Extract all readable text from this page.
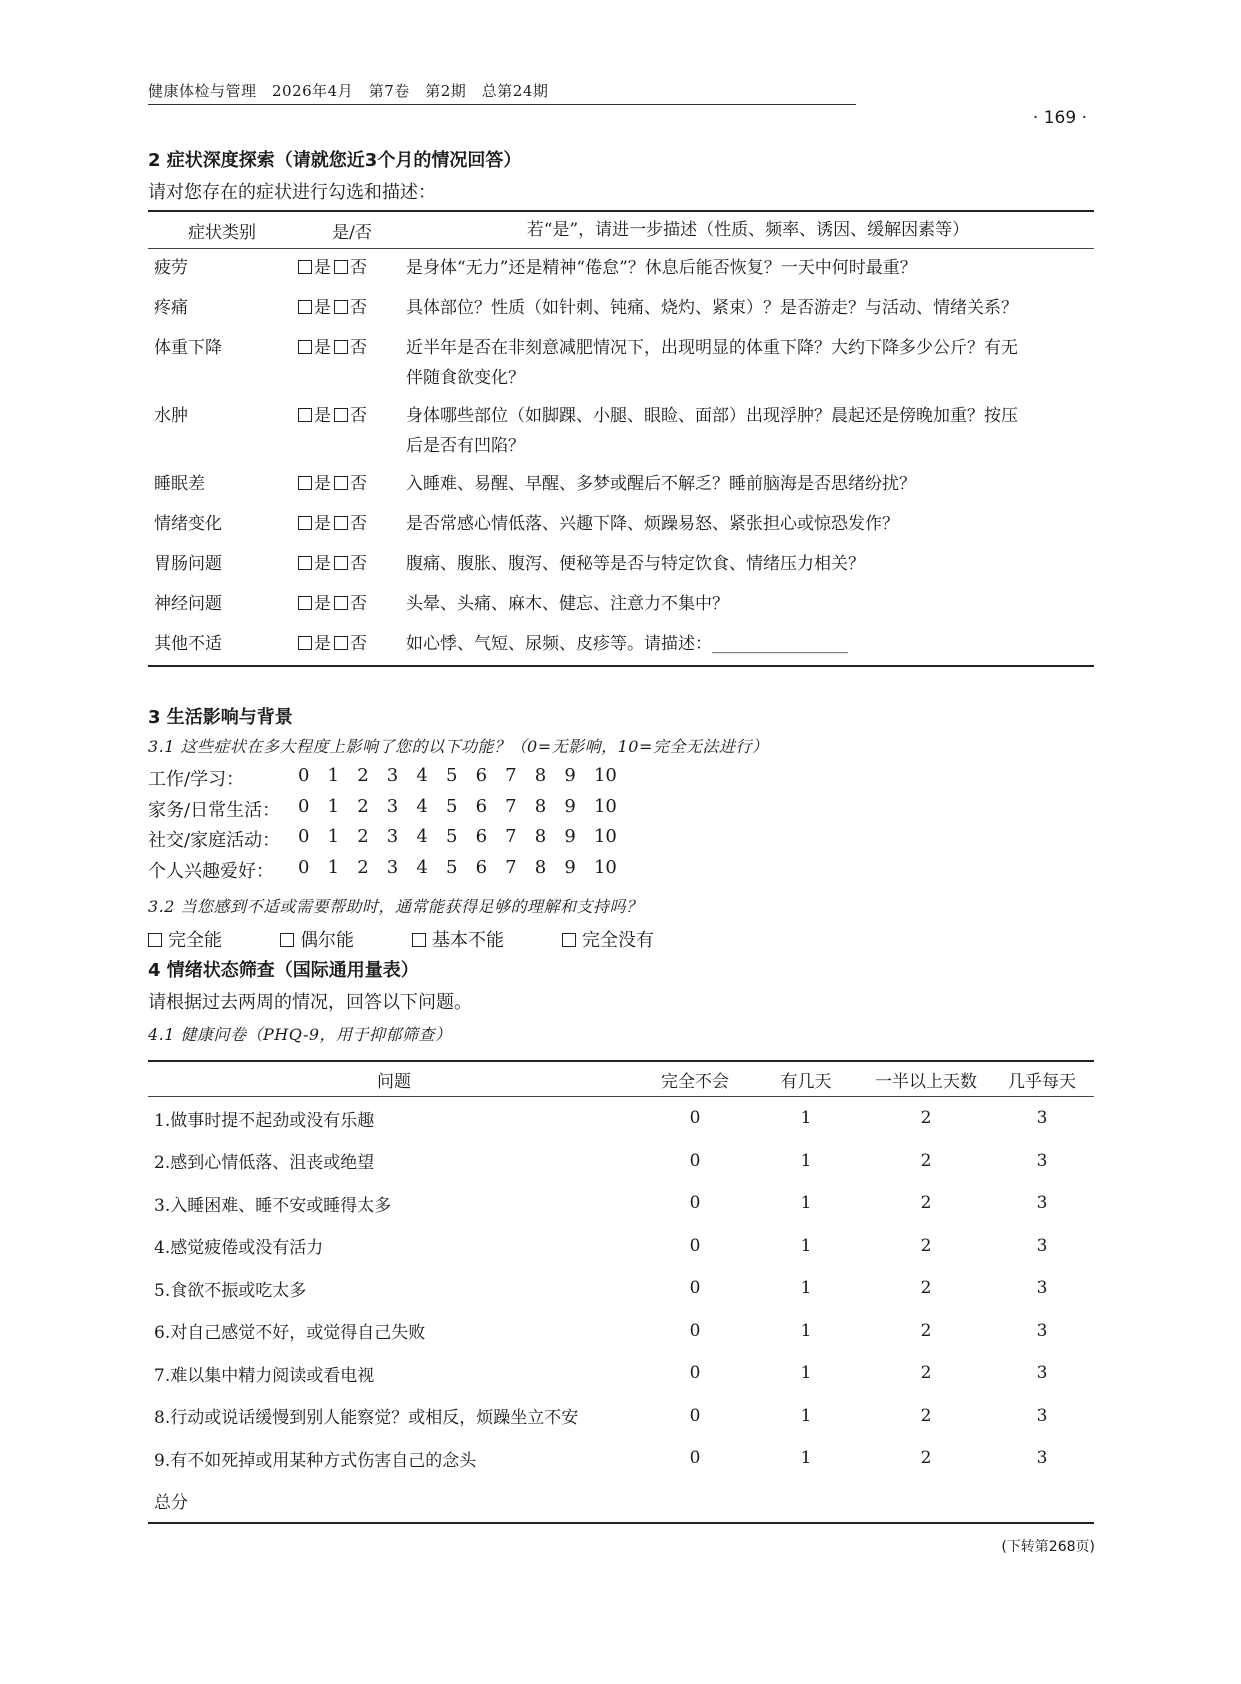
健康体检与管理　2026年4月　第7卷　第2期　总第24期
· 169 ·
2 症状深度探索（请就您近3个月的情况回答）
请对您存在的症状进行勾选和描述：
症状类别	是/否	若“是”，请进一步描述（性质、频率、诱因、缓解因素等）
疲劳	是 否	是身体“无力”还是精神“倦怠”？休息后能否恢复？一天中何时最重？
疼痛	是 否	具体部位？性质（如针刺、钝痛、烧灼、紧束）？是否游走？与活动、情绪关系？
体重下降	是 否	近半年是否在非刻意减肥情况下，出现明显的体重下降？大约下降多少公斤？有无
伴随食欲变化？
水肿	是 否	身体哪些部位（如脚踝、小腿、眼睑、面部）出现浮肿？晨起还是傍晚加重？按压
后是否有凹陷？
睡眠差	是 否	入睡难、易醒、早醒、多梦或醒后不解乏？睡前脑海是否思绪纷扰？
情绪变化	是 否	是否常感心情低落、兴趣下降、烦躁易怒、紧张担心或惊恐发作？
胃肠问题	是 否	腹痛、腹胀、腹泻、便秘等是否与特定饮食、情绪压力相关？
神经问题	是 否	头晕、头痛、麻木、健忘、注意力不集中？
其他不适	是 否	如心悸、气短、尿频、皮疹等。请描述：________________
3 生活影响与背景
3.1 这些症状在多大程度上影响了您的以下功能？（0=无影响，10=完全无法进行）
工作/学习：	0	1	2	3	4	5	6	7	8	9	10
家务/日常生活： 0	1	2	3	4	5	6	7	8	9	10
社交/家庭活动： 0	1	2	3	4	5	6	7	8	9	10
个人兴趣爱好：	0	1	2	3	4	5	6	7	8	9	10
3.2 当您感到不适或需要帮助时，通常能获得足够的理解和支持吗？
完全能	偶尔能	基本不能	完全没有
4 情绪状态筛查（国际通用量表）
请根据过去两周的情况，回答以下问题。
4.1 健康问卷（PHQ-9，用于抑郁筛查）
问题	完全不会	有几天	一半以上天数	几乎每天
1.做事时提不起劲或没有乐趣	0	1	2	3
2.感到心情低落、沮丧或绝望	0	1	2	3
3.入睡困难、睡不安或睡得太多	0	1	2	3
4.感觉疲倦或没有活力	0	1	2	3
5.食欲不振或吃太多	0	1	2	3
6.对自己感觉不好，或觉得自己失败	0	1	2	3
7.难以集中精力阅读或看电视	0	1	2	3
8.行动或说话缓慢到别人能察觉？或相反，烦躁坐立不安	0	1	2	3
9.有不如死掉或用某种方式伤害自己的念头	0	1	2	3
总分
(下转第268页)
